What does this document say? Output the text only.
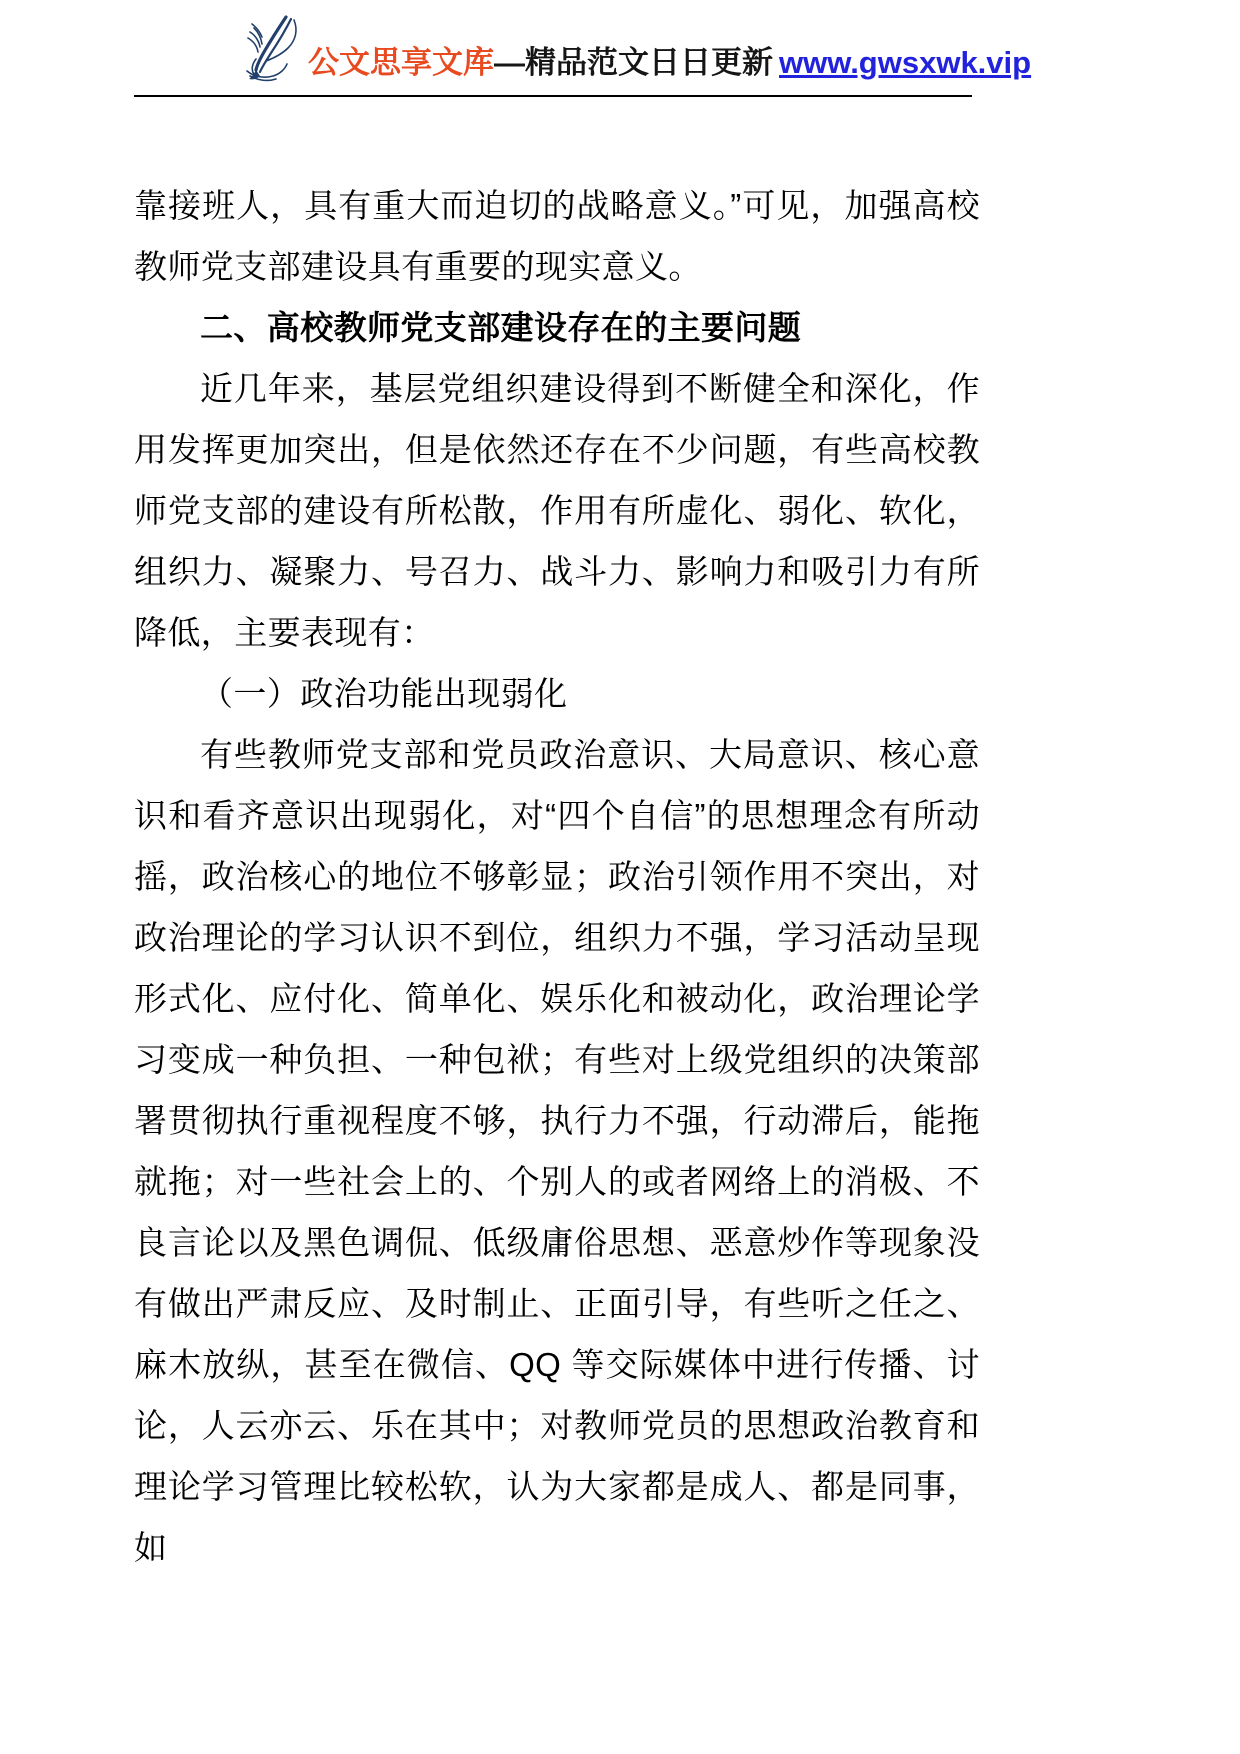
公文思享文库—精品范文日日更新 www.gwsxwk.vip

靠接班人，具有重大而迫切的战略意义。”可见，加强高校教师党支部建设具有重要的现实意义。

二、高校教师党支部建设存在的主要问题

近几年来，基层党组织建设得到不断健全和深化，作用发挥更加突出，但是依然还存在不少问题，有些高校教师党支部的建设有所松散，作用有所虚化、弱化、软化，组织力、凝聚力、号召力、战斗力、影响力和吸引力有所降低，主要表现有：

（一）政治功能出现弱化

有些教师党支部和党员政治意识、大局意识、核心意识和看齐意识出现弱化，对“四个自信”的思想理念有所动摇，政治核心的地位不够彰显；政治引领作用不突出，对政治理论的学习认识不到位，组织力不强，学习活动呈现形式化、应付化、简单化、娱乐化和被动化，政治理论学习变成一种负担、一种包袱；有些对上级党组织的决策部署贯彻执行重视程度不够，执行力不强，行动滞后，能拖就拖；对一些社会上的、个别人的或者网络上的消极、不良言论以及黑色调侃、低级庸俗思想、恶意炒作等现象没有做出严肃反应、及时制止、正面引导，有些听之任之、麻木放纵，甚至在微信、QQ 等交际媒体中进行传播、讨论，人云亦云、乐在其中；对教师党员的思想政治教育和理论学习管理比较松软，认为大家都是成人、都是同事，如
